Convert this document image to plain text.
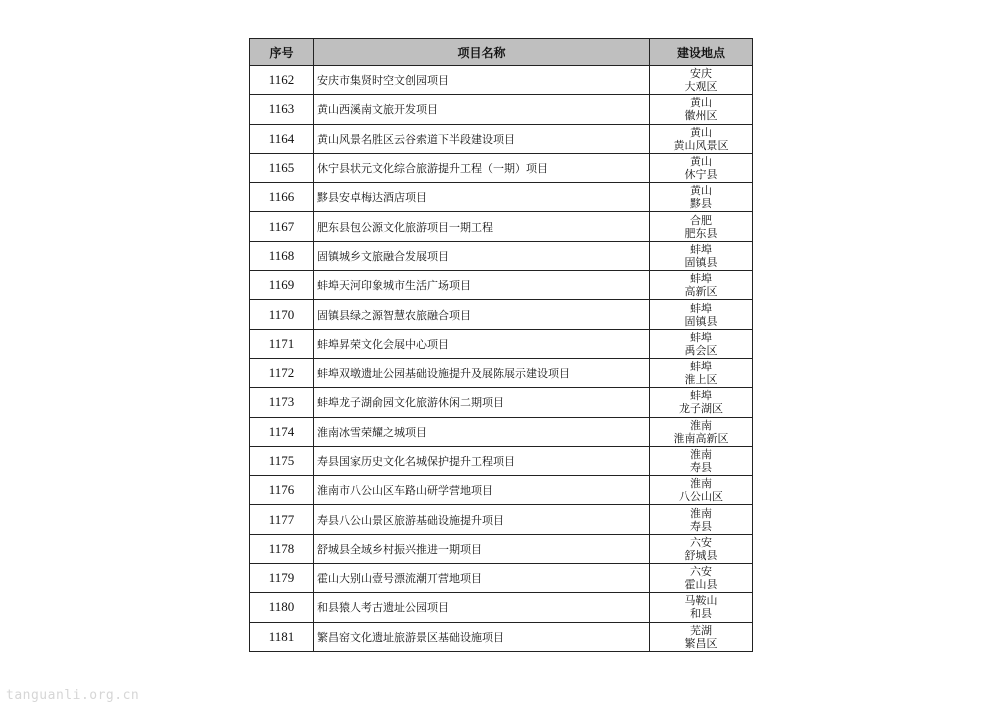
序号	项目名称	建设地点
1162	安庆市集贤时空文创园项目	安庆
大观区

1163	黄山西溪南文旅开发项目	黄山
徽州区

1164	黄山风景名胜区云谷索道下半段建设项目	黄山
黄山风景区

1165	休宁县状元文化综合旅游提升工程（一期）项目	黄山
休宁县

1166	黟县安卓梅达酒店项目	黄山
黟县

1167	肥东县包公源文化旅游项目一期工程	合肥
肥东县

1168	固镇城乡文旅融合发展项目	蚌埠
固镇县

1169	蚌埠天河印象城市生活广场项目	蚌埠
高新区

1170	固镇县绿之源智慧农旅融合项目	蚌埠
固镇县

1171	蚌埠昇荣文化会展中心项目	蚌埠
禹会区

1172	蚌埠双墩遗址公园基础设施提升及展陈展示建设项目	蚌埠
淮上区

1173	蚌埠龙子湖俞园文化旅游休闲二期项目	蚌埠
龙子湖区

1174	淮南冰雪荣耀之城项目	淮南
淮南高新区

1175	寿县国家历史文化名城保护提升工程项目	淮南
寿县

1176	淮南市八公山区车路山研学营地项目	淮南
八公山区

1177	寿县八公山景区旅游基础设施提升项目	淮南
寿县

1178	舒城县全域乡村振兴推进一期项目	六安
舒城县

1179	霍山大别山壹号漂流潮丌营地项目	六安
霍山县

1180	和县猿人考古遗址公园项目	马鞍山
和县

1181	繁昌窑文化遗址旅游景区基础设施项目	芜湖
繁昌区
tanguanli.org.cn
